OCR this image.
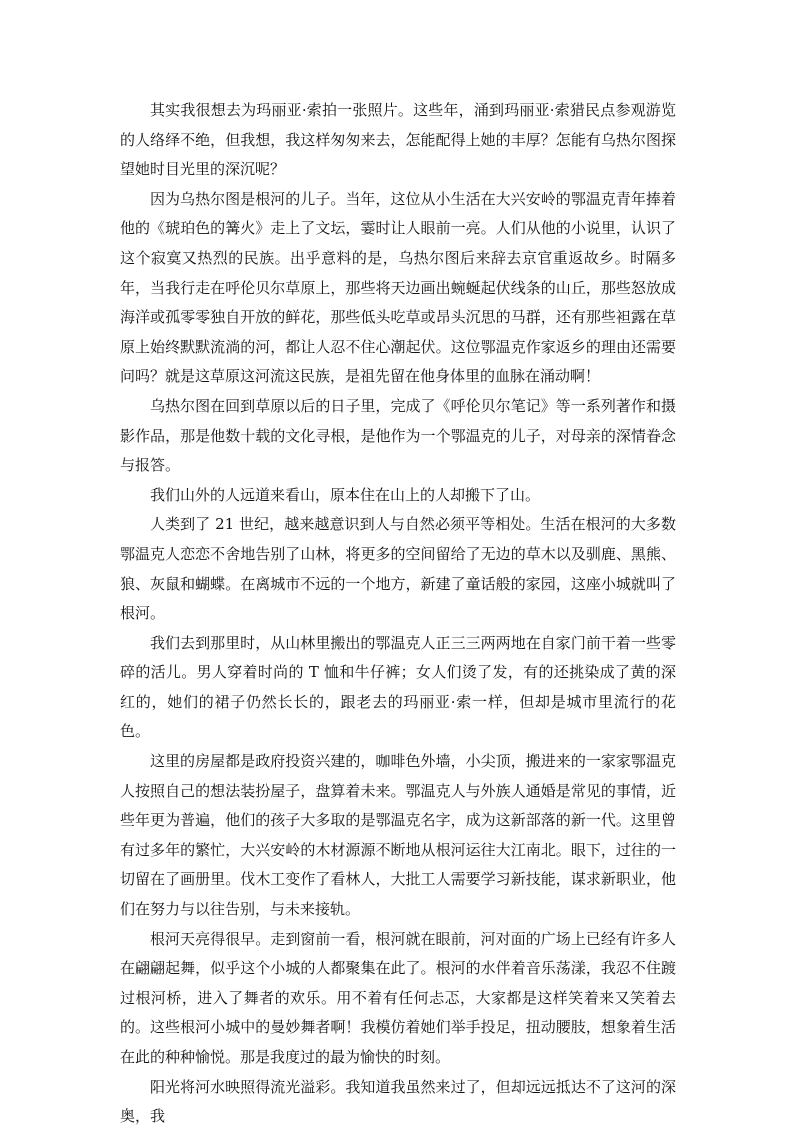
其实我很想去为玛丽亚·索拍一张照片。这些年，涌到玛丽亚·索猎民点参观游览的人络绎不绝，但我想，我这样匆匆来去，怎能配得上她的丰厚？怎能有乌热尔图探望她时目光里的深沉呢？

因为乌热尔图是根河的儿子。当年，这位从小生活在大兴安岭的鄂温克青年捧着他的《琥珀色的篝火》走上了文坛，霎时让人眼前一亮。人们从他的小说里，认识了这个寂寞又热烈的民族。出乎意料的是，乌热尔图后来辞去京官重返故乡。时隔多年，当我行走在呼伦贝尔草原上，那些将天边画出蜿蜒起伏线条的山丘，那些怒放成海洋或孤零零独自开放的鲜花，那些低头吃草或昂头沉思的马群，还有那些袒露在草原上始终默默流淌的河，都让人忍不住心潮起伏。这位鄂温克作家返乡的理由还需要问吗？就是这草原这河流这民族，是祖先留在他身体里的血脉在涌动啊！

乌热尔图在回到草原以后的日子里，完成了《呼伦贝尔笔记》等一系列著作和摄影作品，那是他数十载的文化寻根，是他作为一个鄂温克的儿子，对母亲的深情眷念与报答。

我们山外的人远道来看山，原本住在山上的人却搬下了山。

人类到了 21 世纪，越来越意识到人与自然必须平等相处。生活在根河的大多数鄂温克人恋恋不舍地告别了山林，将更多的空间留给了无边的草木以及驯鹿、黑熊、狼、灰鼠和蝴蝶。在离城市不远的一个地方，新建了童话般的家园，这座小城就叫了根河。

我们去到那里时，从山林里搬出的鄂温克人正三三两两地在自家门前干着一些零碎的活儿。男人穿着时尚的 T 恤和牛仔裤；女人们烫了发，有的还挑染成了黄的深红的，她们的裙子仍然长长的，跟老去的玛丽亚·索一样，但却是城市里流行的花色。

这里的房屋都是政府投资兴建的，咖啡色外墙，小尖顶，搬进来的一家家鄂温克人按照自己的想法装扮屋子，盘算着未来。鄂温克人与外族人通婚是常见的事情，近些年更为普遍，他们的孩子大多取的是鄂温克名字，成为这新部落的新一代。这里曾有过多年的繁忙，大兴安岭的木材源源不断地从根河运往大江南北。眼下，过往的一切留在了画册里。伐木工变作了看林人，大批工人需要学习新技能，谋求新职业，他们在努力与以往告别，与未来接轨。

根河天亮得很早。走到窗前一看，根河就在眼前，河对面的广场上已经有许多人在翩翩起舞，似乎这个小城的人都聚集在此了。根河的水伴着音乐荡漾，我忍不住踱过根河桥，进入了舞者的欢乐。用不着有任何忐忑，大家都是这样笑着来又笑着去的。这些根河小城中的曼妙舞者啊！我模仿着她们举手投足，扭动腰肢，想象着生活在此的种种愉悦。那是我度过的最为愉快的时刻。

阳光将河水映照得流光溢彩。我知道我虽然来过了，但却远远抵达不了这河的深奥，我
